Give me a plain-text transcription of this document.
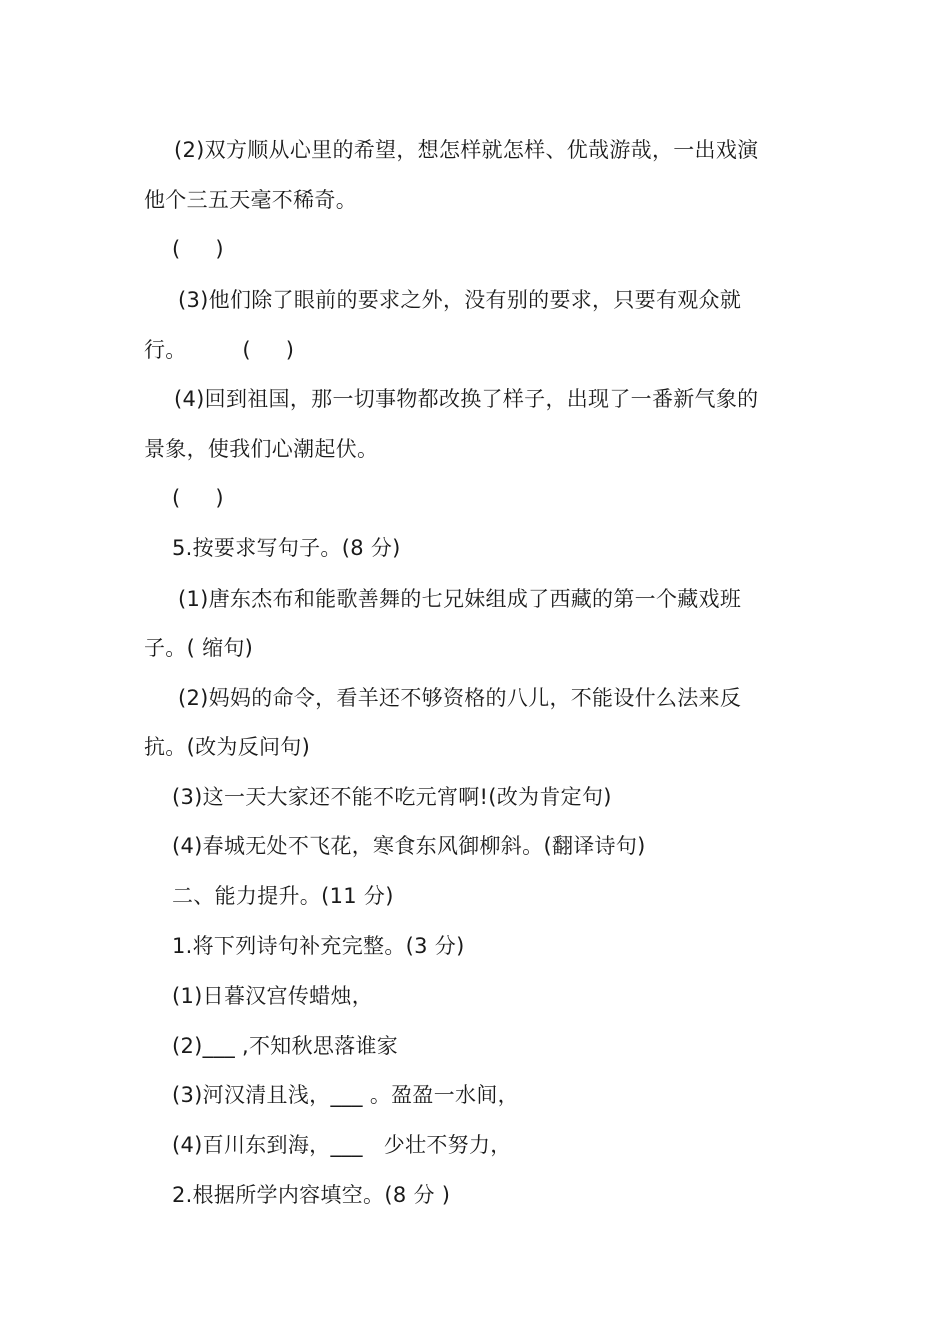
(2)双方顺从心里的希望，想怎样就怎样、优哉游哉，一出戏演
他个三五天毫不稀奇。
(     )
(3)他们除了眼前的要求之外，没有别的要求，只要有观众就
行。        (     )
(4)回到祖国，那一切事物都改换了样子，出现了一番新气象的
景象，使我们心潮起伏。
(     )
5.按要求写句子。(8 分)
(1)唐东杰布和能歌善舞的七兄妹组成了西藏的第一个藏戏班
子。( 缩句)
(2)妈妈的命令，看羊还不够资格的八儿，不能设什么法来反
抗。(改为反问句)
(3)这一天大家还不能不吃元宵啊!(改为肯定句)
(4)春城无处不飞花，寒食东风御柳斜。(翻译诗句)
二、能力提升。(11 分)
1.将下列诗句补充完整。(3 分)
(1)日暮汉宫传蜡烛，
(2)___ ,不知秋思落谁家
(3)河汉清且浅，___ 。盈盈一水间，
(4)百川东到海，___   少壮不努力，
2.根据所学内容填空。(8 分 )
